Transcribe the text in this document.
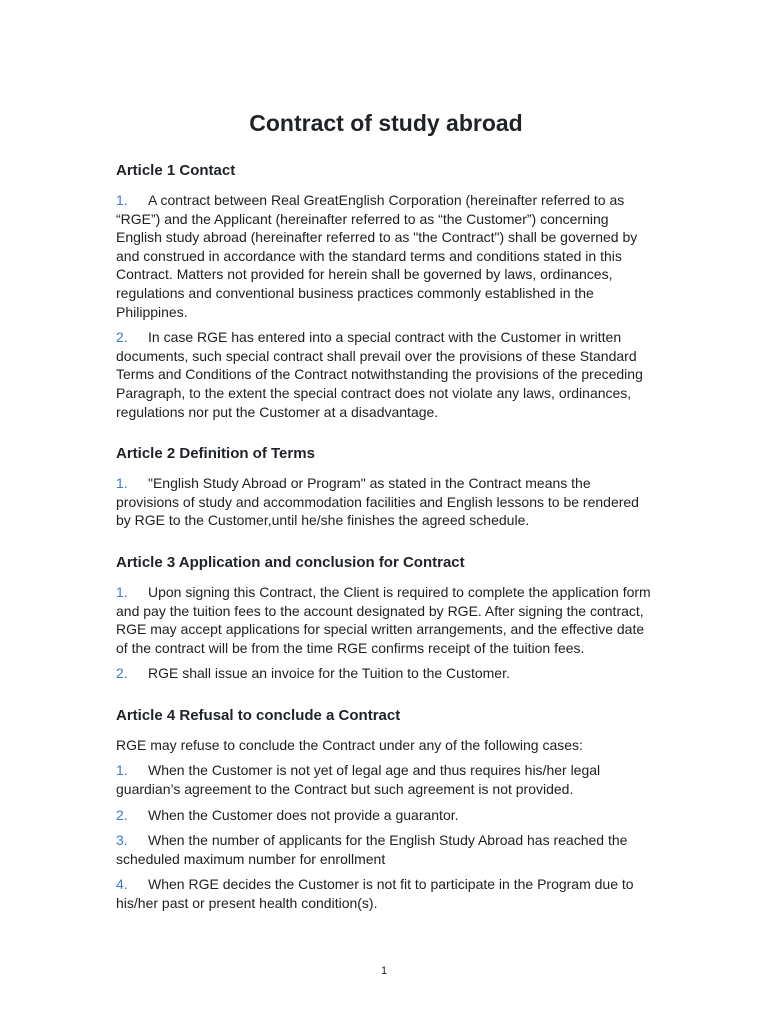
Contract of study abroad
Article 1 Contact

1. A contract between Real GreatEnglish Corporation (hereinafter referred to as “RGE”) and the Applicant (hereinafter referred to as “the Customer”) concerning English study abroad (hereinafter referred to as "the Contract") shall be governed by and construed in accordance with the standard terms and conditions stated in this Contract. Matters not provided for herein shall be governed by laws, ordinances, regulations and conventional business practices commonly established in the Philippines.

2. In case RGE has entered into a special contract with the Customer in written documents, such special contract shall prevail over the provisions of these Standard Terms and Conditions of the Contract notwithstanding the provisions of the preceding Paragraph, to the extent the special contract does not violate any laws, ordinances, regulations nor put the Customer at a disadvantage.

Article 2 Definition of Terms

1. "English Study Abroad or Program" as stated in the Contract means the provisions of study and accommodation facilities and English lessons to be rendered by RGE to the Customer,until he/she finishes the agreed schedule.

Article 3 Application and conclusion for Contract

1. Upon signing this Contract, the Client is required to complete the application form and pay the tuition fees to the account designated by RGE. After signing the contract, RGE may accept applications for special written arrangements, and the effective date of the contract will be from the time RGE confirms receipt of the tuition fees.

2. RGE shall issue an invoice for the Tuition to the Customer.

Article 4 Refusal to conclude a Contract

RGE may refuse to conclude the Contract under any of the following cases:

1. When the Customer is not yet of legal age and thus requires his/her legal guardian’s agreement to the Contract but such agreement is not provided.

2. When the Customer does not provide a guarantor.

3. When the number of applicants for the English Study Abroad has reached the scheduled maximum number for enrollment

4. When RGE decides the Customer is not fit to participate in the Program due to his/her past or present health condition(s).

1
